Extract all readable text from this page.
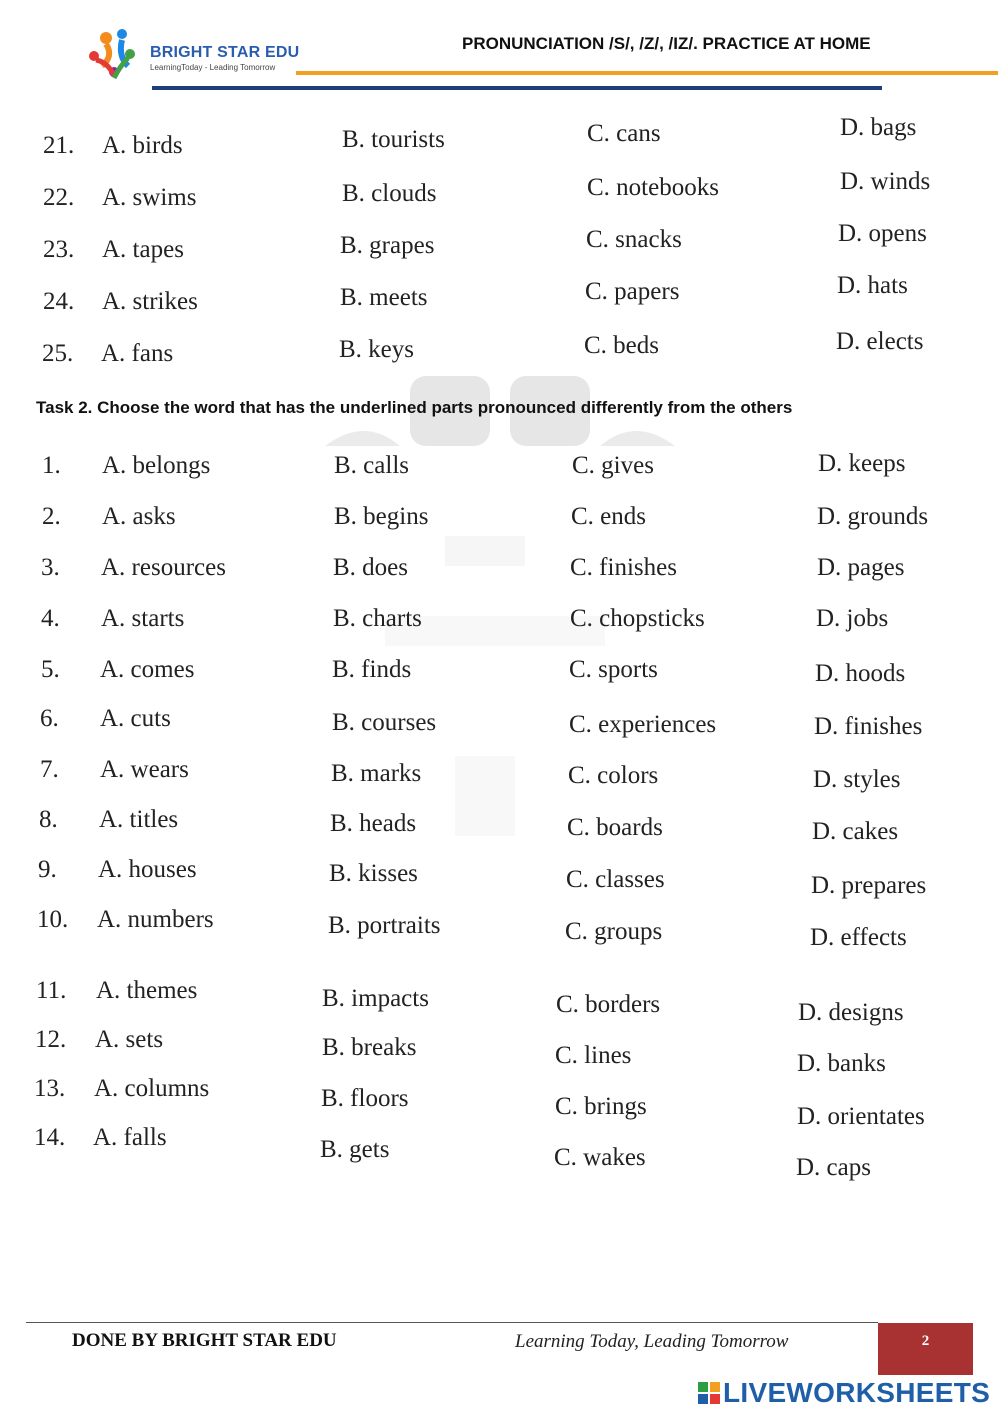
BRIGHT STAR EDU
LearningToday - Leading Tomorrow
PRONUNCIATION /S/, /Z/, /IZ/. PRACTICE AT HOME
21. A. birds	B. tourists	C. cans	D. bags
22. A. swims	B. clouds	C. notebooks	D. winds
23. A. tapes	B. grapes	C. snacks	D. opens
24. A. strikes	B. meets	C. papers	D. hats
25. A. fans	B. keys	C. beds	D. elects
Task 2. Choose the word that has the underlined parts pronounced differently from the others
1. A. belongs	B. calls	C. gives	D. keeps
2. A. asks	B. begins	C. ends	D. grounds
3. A. resources	B. does	C. finishes	D. pages
4. A. starts	B. charts	C. chopsticks	D. jobs
5. A. comes	B. finds	C. sports	D. hoods
6. A. cuts	B. courses	C. experiences	D. finishes
7. A. wears	B. marks	C. colors	D. styles
8. A. titles	B. heads	C. boards	D. cakes
9. A. houses	B. kisses	C. classes	D. prepares
10. A. numbers	B. portraits	C. groups	D. effects
11. A. themes	B. impacts	C. borders	D. designs
12. A. sets	B. breaks	C. lines	D. banks
13. A. columns	B. floors	C. brings	D. orientates
14. A. falls	B. gets	C. wakes	D. caps
DONE BY BRIGHT STAR EDU	Learning Today, Leading Tomorrow	2
LIVEWORKSHEETS
